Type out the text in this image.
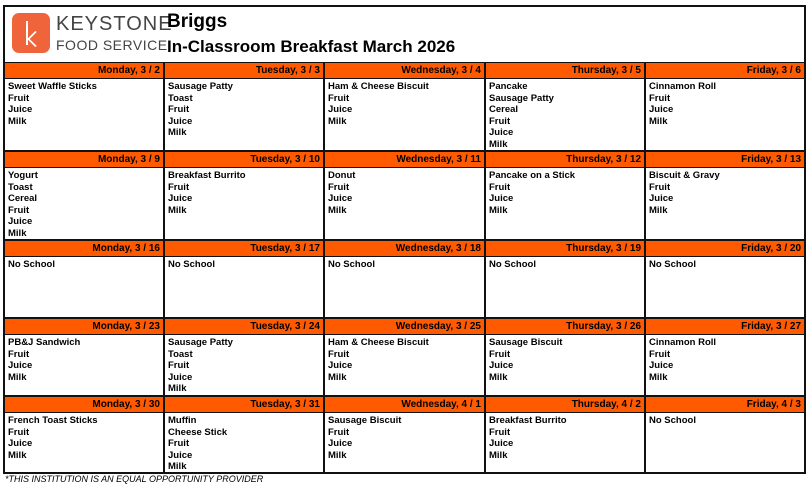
KEYSTONE
FOOD SERVICE
Briggs
In-Classroom Breakfast March 2026
Monday, 3 / 2
Sweet Waffle Sticks
Fruit
Juice
Milk
Tuesday, 3 / 3
Sausage Patty
Toast
Fruit
Juice
Milk
Wednesday, 3 / 4
Ham & Cheese Biscuit
Fruit
Juice
Milk
Thursday, 3 / 5
Pancake
Sausage Patty
Cereal
Fruit
Juice
Milk
Friday, 3 / 6
Cinnamon Roll
Fruit
Juice
Milk
Monday, 3 / 9
Yogurt
Toast
Cereal
Fruit
Juice
Milk
Tuesday, 3 / 10
Breakfast Burrito
Fruit
Juice
Milk
Wednesday, 3 / 11
Donut
Fruit
Juice
Milk
Thursday, 3 / 12
Pancake on a Stick
Fruit
Juice
Milk
Friday, 3 / 13
Biscuit & Gravy
Fruit
Juice
Milk
Monday, 3 / 16
No School
Tuesday, 3 / 17
No School
Wednesday, 3 / 18
No School
Thursday, 3 / 19
No School
Friday, 3 / 20
No School
Monday, 3 / 23
PB&J Sandwich
Fruit
Juice
Milk
Tuesday, 3 / 24
Sausage Patty
Toast
Fruit
Juice
Milk
Wednesday, 3 / 25
Ham & Cheese Biscuit
Fruit
Juice
Milk
Thursday, 3 / 26
Sausage Biscuit
Fruit
Juice
Milk
Friday, 3 / 27
Cinnamon Roll
Fruit
Juice
Milk
Monday, 3 / 30
French Toast Sticks
Fruit
Juice
Milk
Tuesday, 3 / 31
Muffin
Cheese Stick
Fruit
Juice
Milk
Wednesday, 4 / 1
Sausage Biscuit
Fruit
Juice
Milk
Thursday, 4 / 2
Breakfast Burrito
Fruit
Juice
Milk
Friday, 4 / 3
No School
*THIS INSTITUTION IS AN EQUAL OPPORTUNITY PROVIDER
